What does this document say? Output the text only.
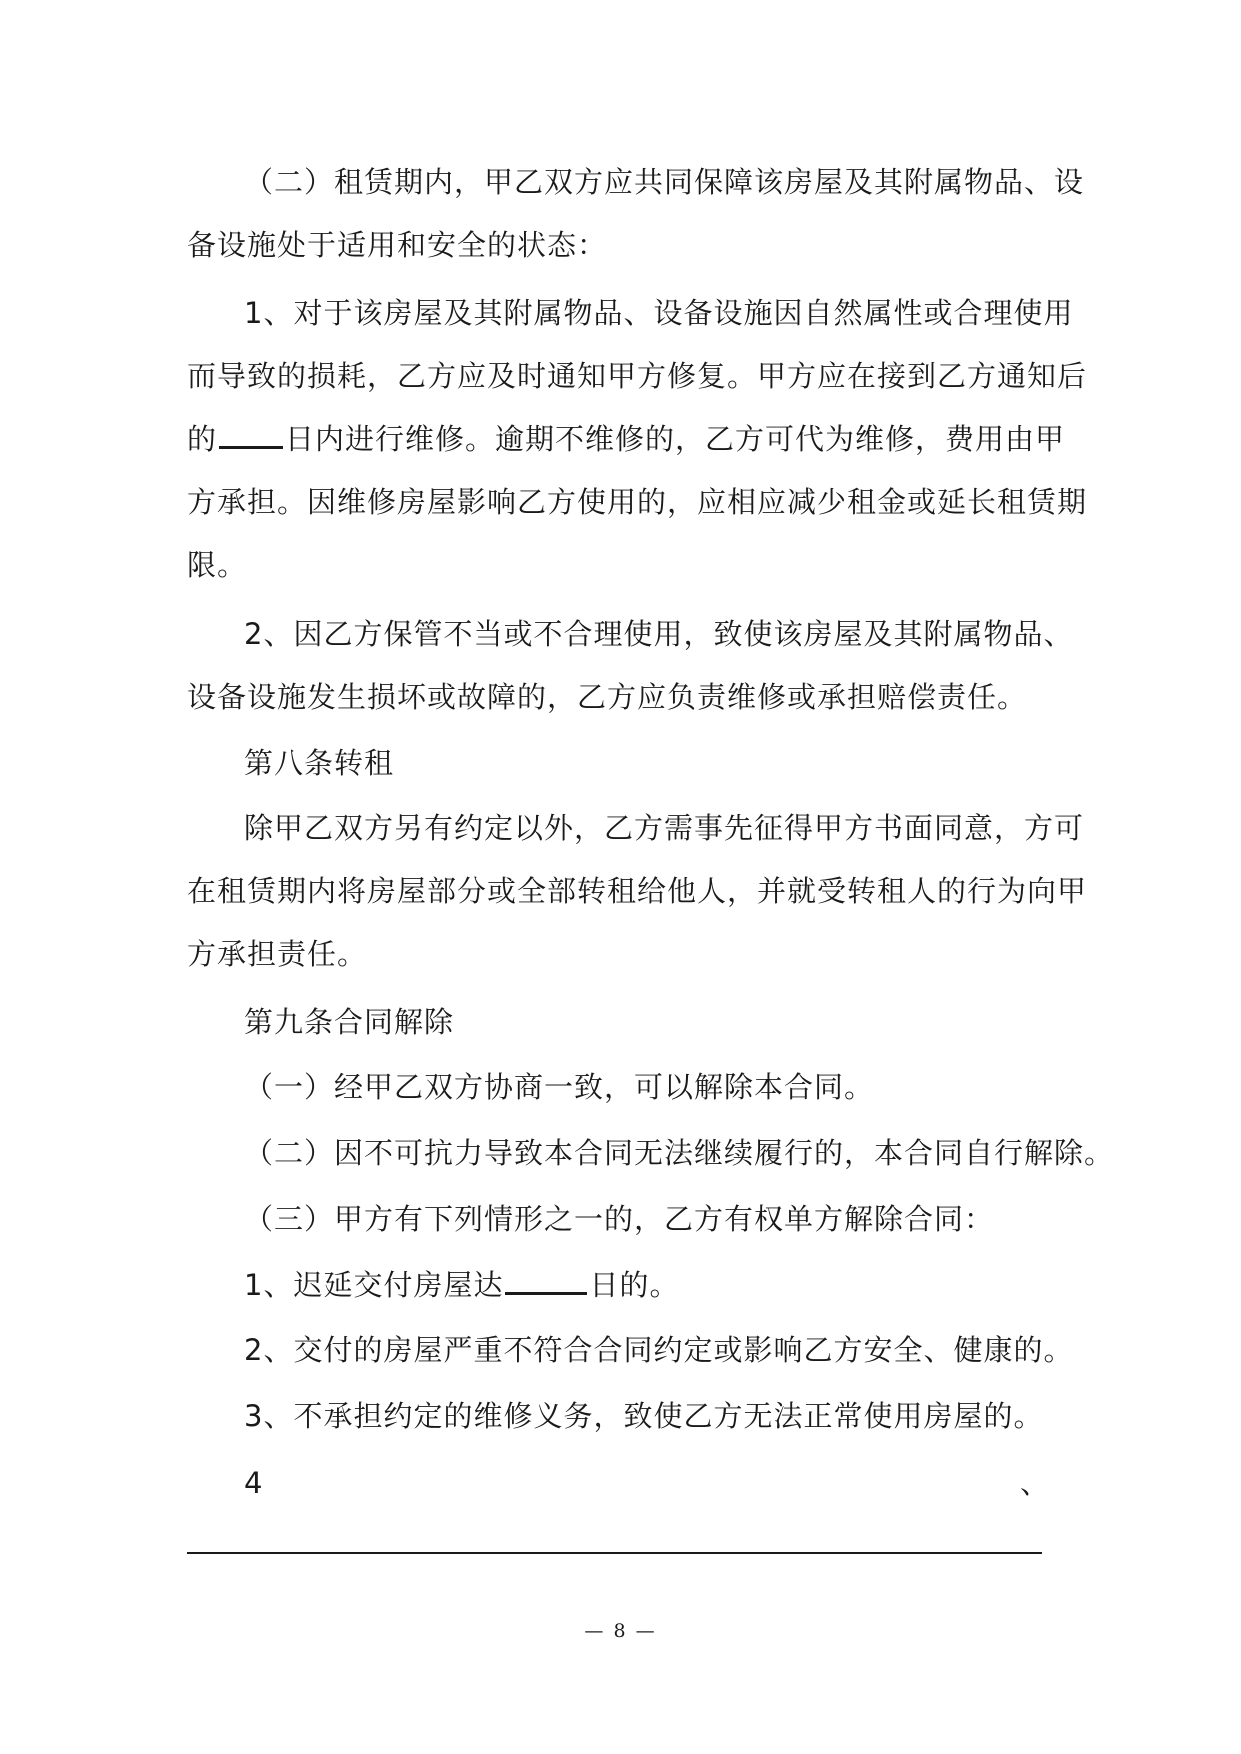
（二）租赁期内，甲乙双方应共同保障该房屋及其附属物品、设
备设施处于适用和安全的状态：
1、对于该房屋及其附属物品、设备设施因自然属性或合理使用
而导致的损耗，乙方应及时通知甲方修复。甲方应在接到乙方通知后
的 日内进行维修。逾期不维修的，乙方可代为维修，费用由甲
方承担。因维修房屋影响乙方使用的，应相应减少租金或延长租赁期
限。
2、因乙方保管不当或不合理使用，致使该房屋及其附属物品、
设备设施发生损坏或故障的，乙方应负责维修或承担赔偿责任。
第八条转租
除甲乙双方另有约定以外，乙方需事先征得甲方书面同意，方可
在租赁期内将房屋部分或全部转租给他人，并就受转租人的行为向甲
方承担责任。
第九条合同解除
（一）经甲乙双方协商一致，可以解除本合同。
（二）因不可抗力导致本合同无法继续履行的，本合同自行解除。
（三）甲方有下列情形之一的，乙方有权单方解除合同：
1、迟延交付房屋达	日的。
2、交付的房屋严重不符合合同约定或影响乙方安全、健康的。
3、不承担约定的维修义务，致使乙方无法正常使用房屋的。
4	、
— 8 —
